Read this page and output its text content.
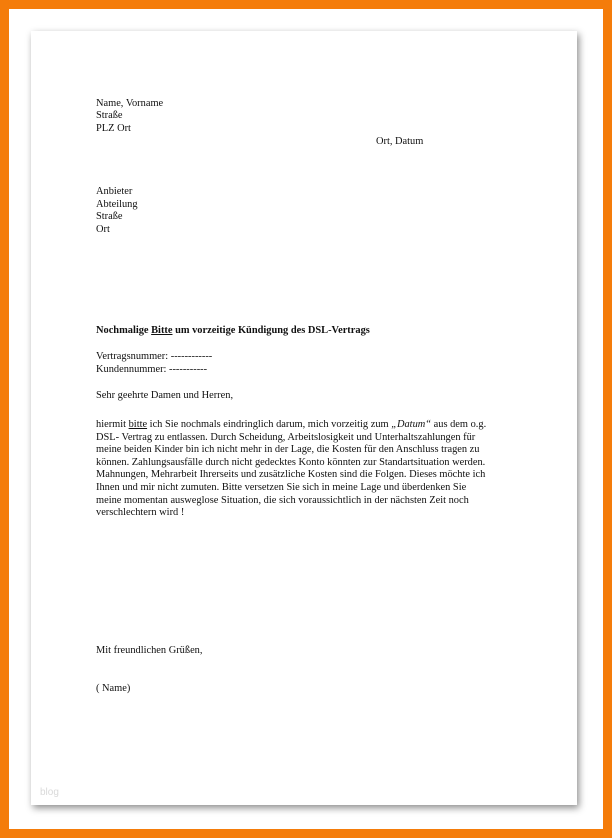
Name, Vorname
Straße
PLZ Ort
Ort, Datum
Anbieter
Abteilung
Straße
Ort
Nochmalige Bitte um vorzeitige Kündigung des DSL-Vertrags
Vertragsnummer: ------------
Kundennummer: -----------
Sehr geehrte Damen und Herren,
hiermit bitte ich Sie nochmals eindringlich darum, mich vorzeitig zum „Datum“ aus dem o.g.
DSL- Vertrag zu entlassen. Durch Scheidung, Arbeitslosigkeit und Unterhaltszahlungen für
meine beiden Kinder bin ich nicht mehr in der Lage, die Kosten für den Anschluss tragen zu
können. Zahlungsausfälle durch nicht gedecktes Konto könnten zur Standartsituation werden.
Mahnungen, Mehrarbeit Ihrerseits und zusätzliche Kosten sind die Folgen. Dieses möchte ich
Ihnen und mir nicht zumuten. Bitte versetzen Sie sich in meine Lage und überdenken Sie
meine momentan ausweglose Situation, die sich voraussichtlich in der nächsten Zeit noch
verschlechtern wird !
Mit freundlichen Grüßen,
( Name)
blog
